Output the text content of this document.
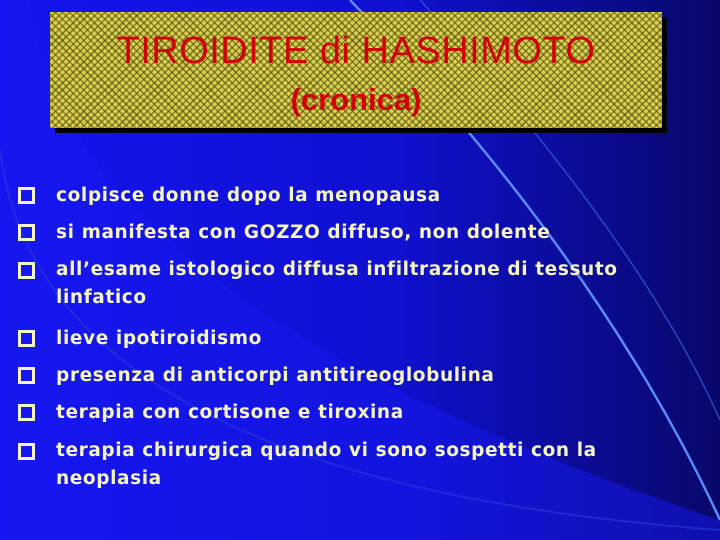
TIROIDITE di HASHIMOTO
(cronica)
colpisce donne dopo la menopausa
si manifesta con GOZZO diffuso, non dolente
all’esame istologico diffusa infiltrazione di tessuto linfatico
lieve ipotiroidismo
presenza di anticorpi antitireoglobulina
terapia con cortisone e tiroxina
terapia chirurgica quando vi sono sospetti con la neoplasia
